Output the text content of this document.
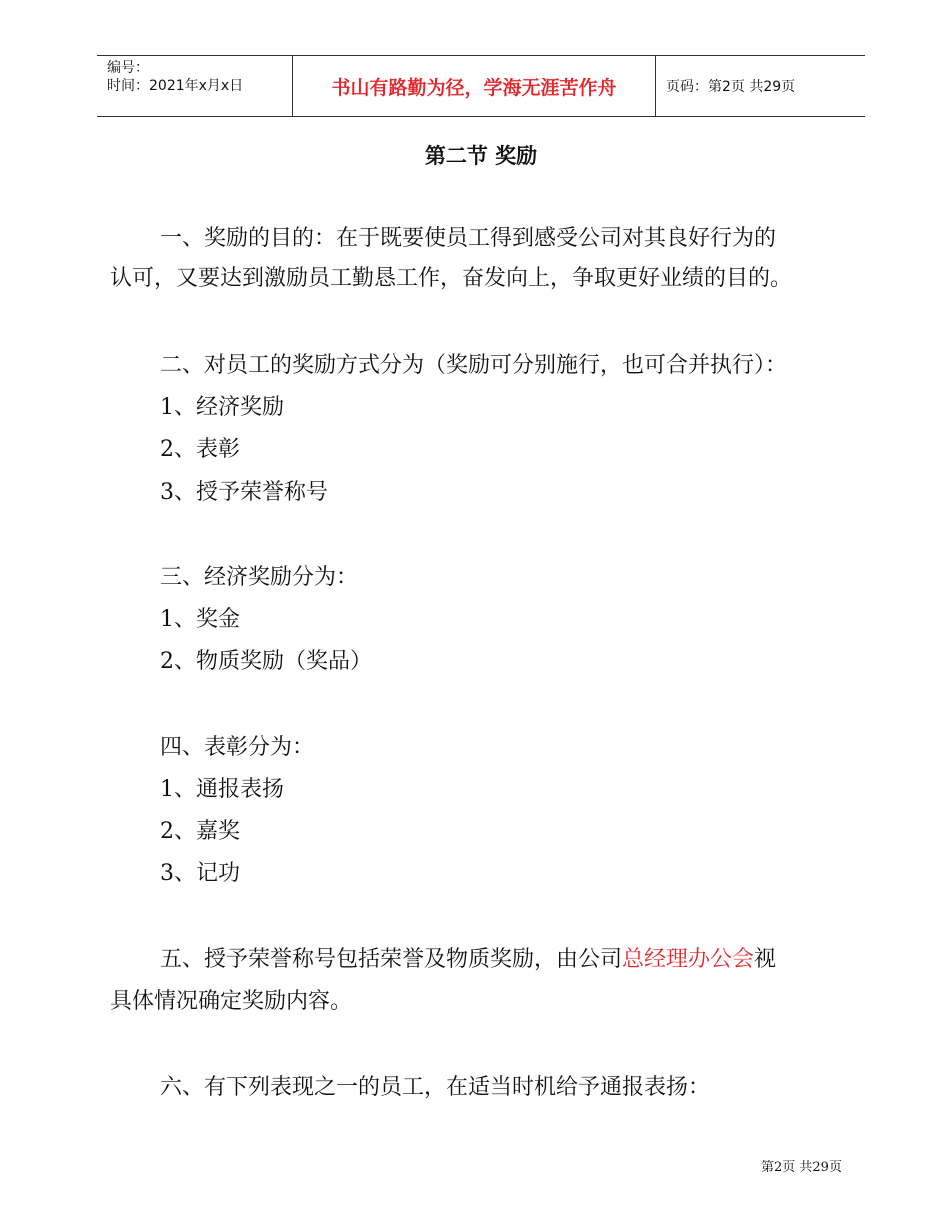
编号：
时间：2021年x月x日	书山有路勤为径，学海无涯苦作舟	页码：第2页 共29页
第二节 奖励
一、奖励的目的：在于既要使员工得到感受公司对其良好行为的
认可，又要达到激励员工勤恳工作，奋发向上，争取更好业绩的目的。
二、对员工的奖励方式分为（奖励可分别施行，也可合并执行）：
1、经济奖励
2、表彰
3、授予荣誉称号
三、经济奖励分为：
1、奖金
2、物质奖励（奖品）
四、表彰分为：
1、通报表扬
2、嘉奖
3、记功
五、授予荣誉称号包括荣誉及物质奖励，由公司总经理办公会视
具体情况确定奖励内容。
六、有下列表现之一的员工，在适当时机给予通报表扬：
第2页 共29页
